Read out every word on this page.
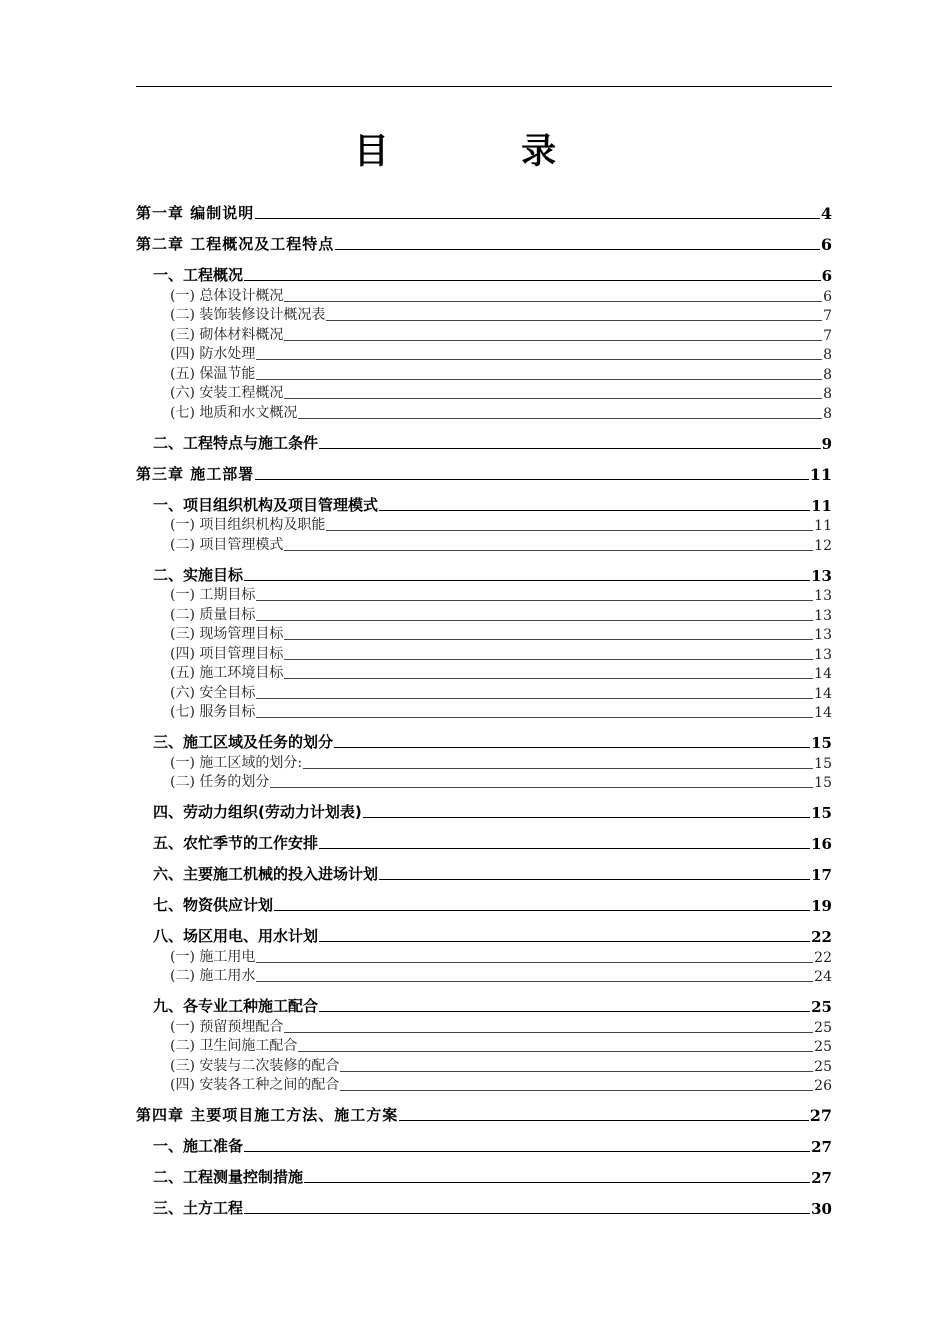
目 录
第一章 编制说明	4
第二章 工程概况及工程特点	6
一、工程概况	6
(一) 总体设计概况	6
(二) 装饰装修设计概况表	7
(三) 砌体材料概况	7
(四) 防水处理	8
(五) 保温节能	8
(六) 安装工程概况	8
(七) 地质和水文概况	8
二、工程特点与施工条件	9
第三章 施工部署	11
一、项目组织机构及项目管理模式	11
(一) 项目组织机构及职能	11
(二) 项目管理模式	12
二、实施目标	13
(一) 工期目标	13
(二) 质量目标	13
(三) 现场管理目标	13
(四) 项目管理目标	13
(五) 施工环境目标	14
(六) 安全目标	14
(七) 服务目标	14
三、施工区域及任务的划分	15
(一) 施工区域的划分:	15
(二) 任务的划分	15
四、劳动力组织(劳动力计划表)	15
五、农忙季节的工作安排	16
六、主要施工机械的投入进场计划	17
七、物资供应计划	19
八、场区用电、用水计划	22
(一) 施工用电	22
(二) 施工用水	24
九、各专业工种施工配合	25
(一) 预留预埋配合	25
(二) 卫生间施工配合	25
(三) 安装与二次装修的配合	25
(四) 安装各工种之间的配合	26
第四章 主要项目施工方法、施工方案	27
一、施工准备	27
二、工程测量控制措施	27
三、土方工程	30
